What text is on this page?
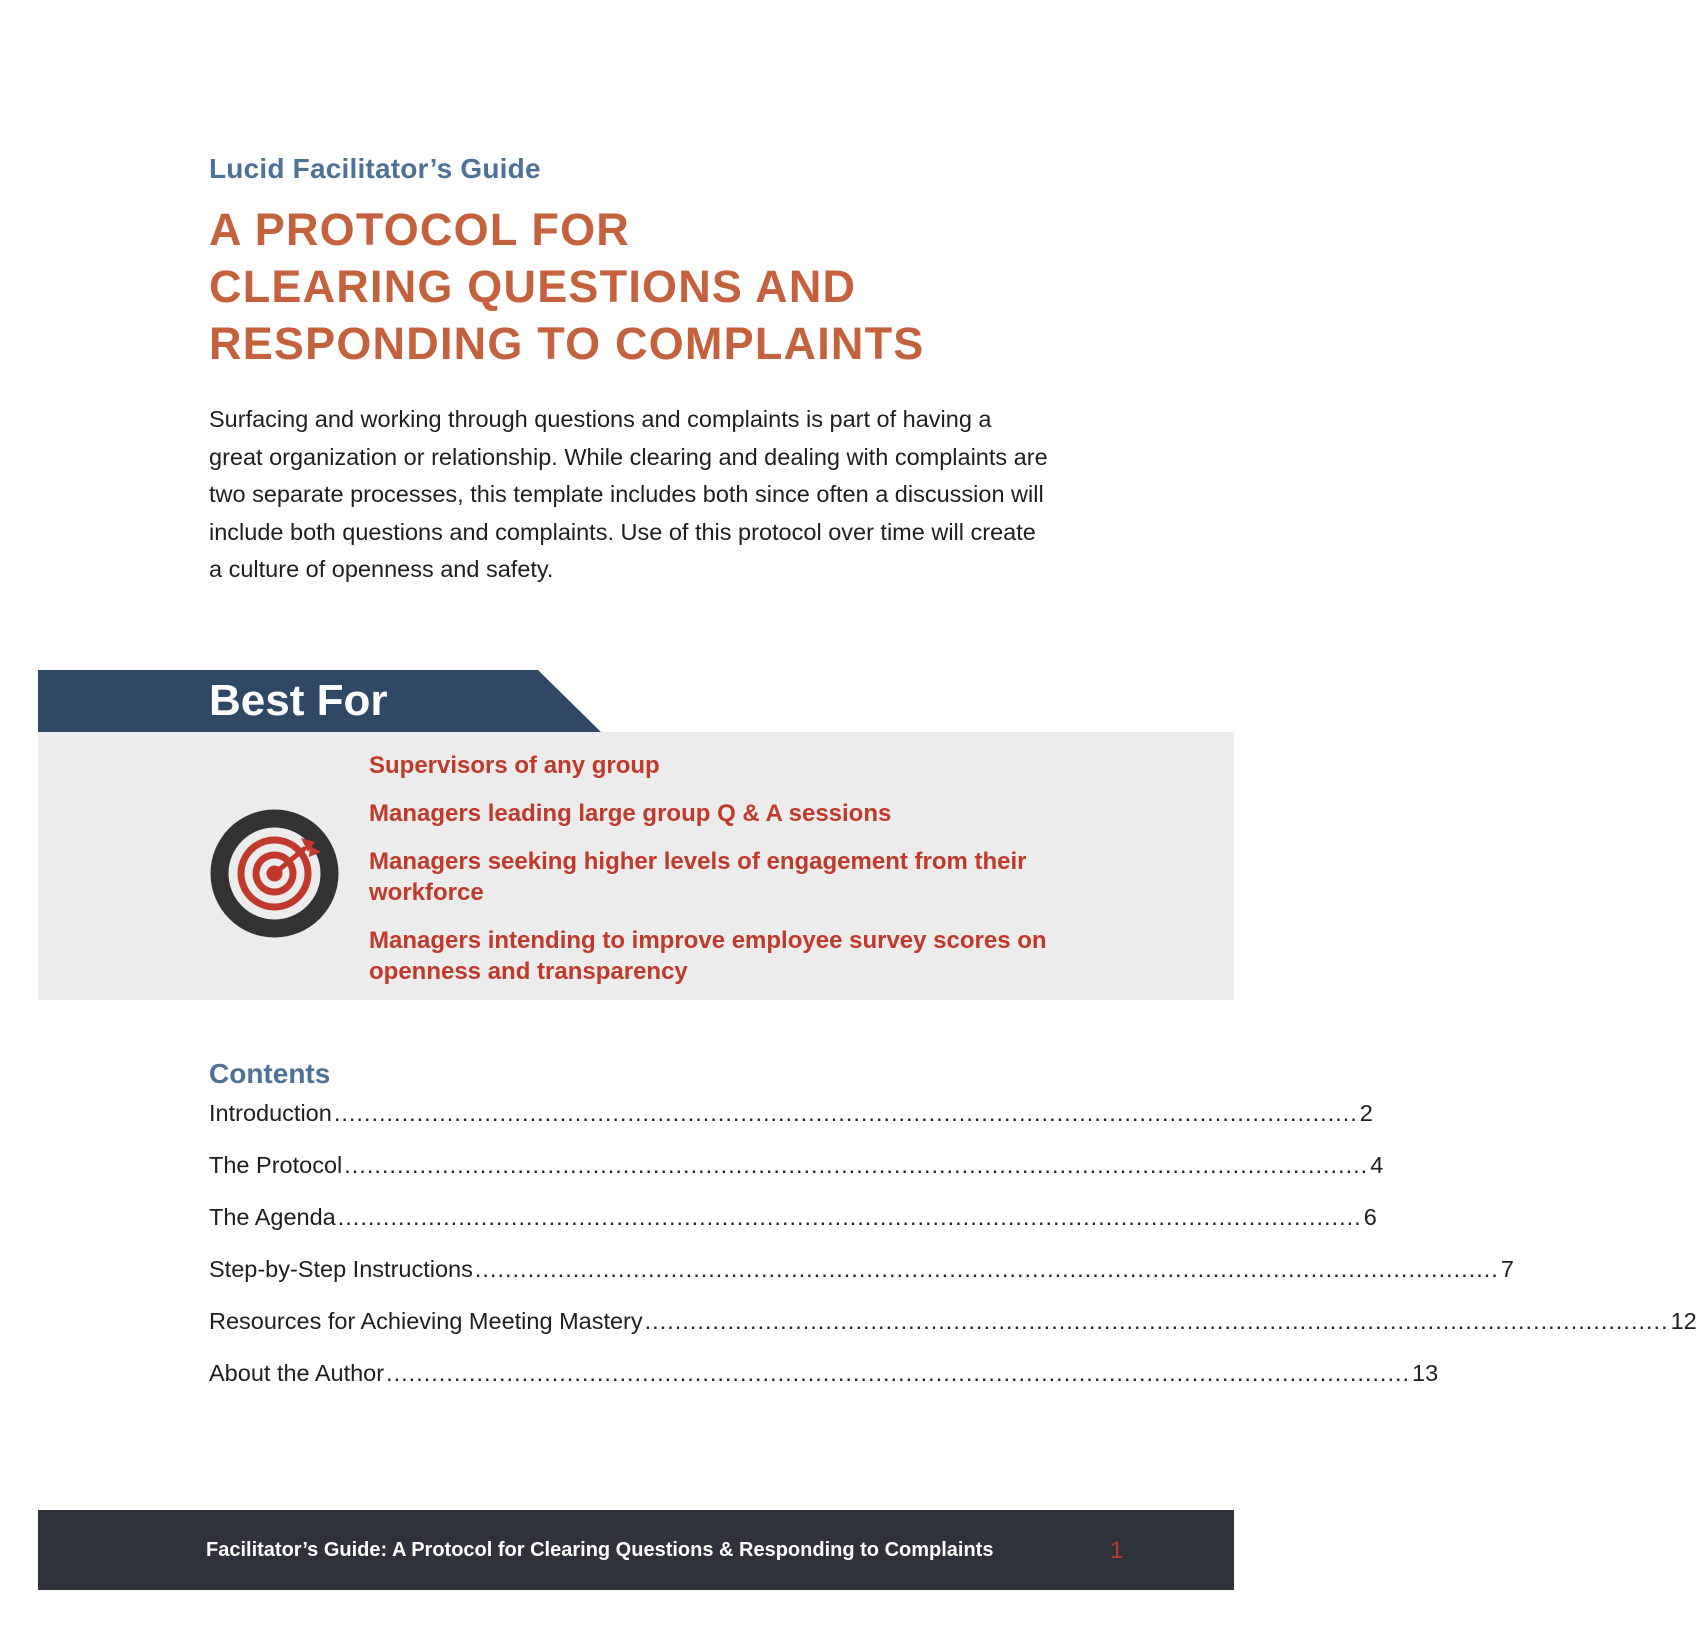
Lucid Facilitator’s Guide
A PROTOCOL FOR
CLEARING QUESTIONS AND
RESPONDING TO COMPLAINTS

Surfacing and working through questions and complaints is part of having a great organization or relationship. While clearing and dealing with complaints are two separate processes, this template includes both since often a discussion will include both questions and complaints. Use of this protocol over time will create a culture of openness and safety.

Best For
Supervisors of any group
Managers leading large group Q & A sessions
Managers seeking higher levels of engagement from their workforce
Managers intending to improve employee survey scores on openness and transparency
Contents
Introduction ........................................................................................................................................ 2
The Protocol ........................................................................................................................................ 4
The Agenda ........................................................................................................................................ 6
Step-by-Step Instructions ........................................................................................................................................ 7
Resources for Achieving Meeting Mastery ........................................................................................................................................ 12
About the Author ........................................................................................................................................ 13
Facilitator’s Guide: A Protocol for Clearing Questions & Responding to Complaints	1
